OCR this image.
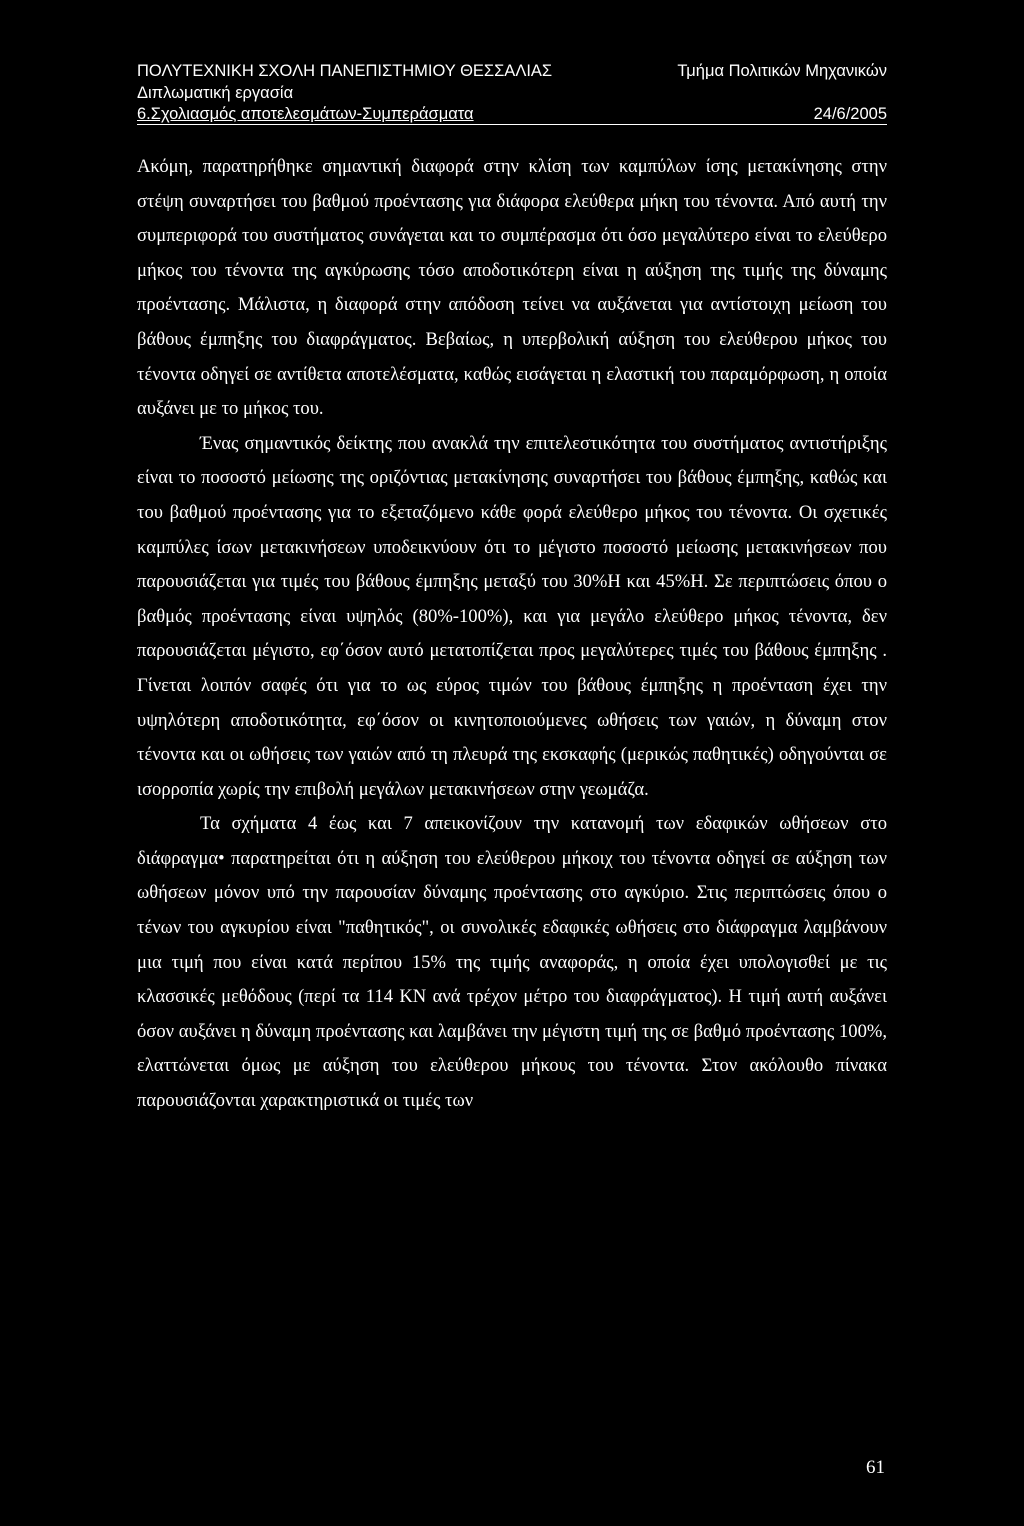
ΠΟΛΥΤΕΧΝΙΚΗ ΣΧΟΛΗ ΠΑΝΕΠΙΣΤΗΜΙΟΥ ΘΕΣΣΑΛΙΑΣ	Τμήμα Πολιτικών Μηχανικών
Διπλωματική εργασία
6.Σχολιασμός αποτελεσμάτων-Συμπεράσματα	24/6/2005

Ακόμη, παρατηρήθηκε σημαντική διαφορά στην κλίση των καμπύλων ίσης μετακίνησης στην στέψη συναρτήσει του βαθμού προέντασης για διάφορα ελεύθερα μήκη του τένοντα. Από αυτή την συμπεριφορά του συστήματος συνάγεται και το συμπέρασμα ότι όσο μεγαλύτερο είναι το ελεύθερο μήκος του τένοντα της αγκύρωσης τόσο αποδοτικότερη είναι η αύξηση της τιμής της δύναμης προέντασης. Μάλιστα, η διαφορά στην απόδοση τείνει να αυξάνεται για αντίστοιχη μείωση του βάθους έμπηξης του διαφράγματος. Βεβαίως, η υπερβολική αύξηση του ελεύθερου μήκος του τένοντα οδηγεί σε αντίθετα αποτελέσματα, καθώς εισάγεται η ελαστική του παραμόρφωση, η οποία αυξάνει με το μήκος του.

Ένας σημαντικός δείκτης που ανακλά την επιτελεστικότητα του συστήματος αντιστήριξης είναι το ποσοστό μείωσης της οριζόντιας μετακίνησης συναρτήσει του βάθους έμπηξης, καθώς και του βαθμού προέντασης για το εξεταζόμενο κάθε φορά ελεύθερο μήκος του τένοντα. Οι σχετικές καμπύλες ίσων μετακινήσεων υποδεικνύουν ότι το μέγιστο ποσοστό μείωσης μετακινήσεων που παρουσιάζεται για τιμές του βάθους έμπηξης μεταξύ του 30%Η και 45%Η. Σε περιπτώσεις όπου ο βαθμός προέντασης είναι υψηλός (80%-100%), και για μεγάλο ελεύθερο μήκος τένοντα, δεν παρουσιάζεται μέγιστο, εφ΄όσον αυτό μετατοπίζεται προς μεγαλύτερες τιμές του βάθους έμπηξης . Γίνεται λοιπόν σαφές ότι για το ως εύρος τιμών του βάθους έμπηξης η προένταση έχει την υψηλότερη αποδοτικότητα, εφ΄όσον οι κινητοποιούμενες ωθήσεις των γαιών, η δύναμη στον τένοντα και οι ωθήσεις των γαιών από τη πλευρά της εκσκαφής (μερικώς παθητικές) οδηγούνται σε ισορροπία χωρίς την επιβολή μεγάλων μετακινήσεων στην γεωμάζα.

Τα σχήματα 4 έως και 7 απεικονίζουν την κατανομή των εδαφικών ωθήσεων στο διάφραγμα• παρατηρείται ότι η αύξηση του ελεύθερου μήκοιχ του τένοντα οδηγεί σε αύξηση των ωθήσεων μόνον υπό την παρουσίαν δύναμης προέντασης στο αγκύριο. Στις περιπτώσεις όπου ο τένων του αγκυρίου είναι "παθητικός", οι συνολικές εδαφικές ωθήσεις στο διάφραγμα λαμβάνουν μια τιμή που είναι κατά περίπου 15% της τιμής αναφοράς, η οποία έχει υπολογισθεί με τις κλασσικές μεθόδους (περί τα 114 ΚΝ ανά τρέχον μέτρο του διαφράγματος). Η τιμή αυτή αυξάνει όσον αυξάνει η δύναμη προέντασης και λαμβάνει την μέγιστη τιμή της σε βαθμό προέντασης 100%, ελαττώνεται όμως με αύξηση του ελεύθερου μήκους του τένοντα. Στον ακόλουθο πίνακα παρουσιάζονται χαρακτηριστικά οι τιμές των

61
